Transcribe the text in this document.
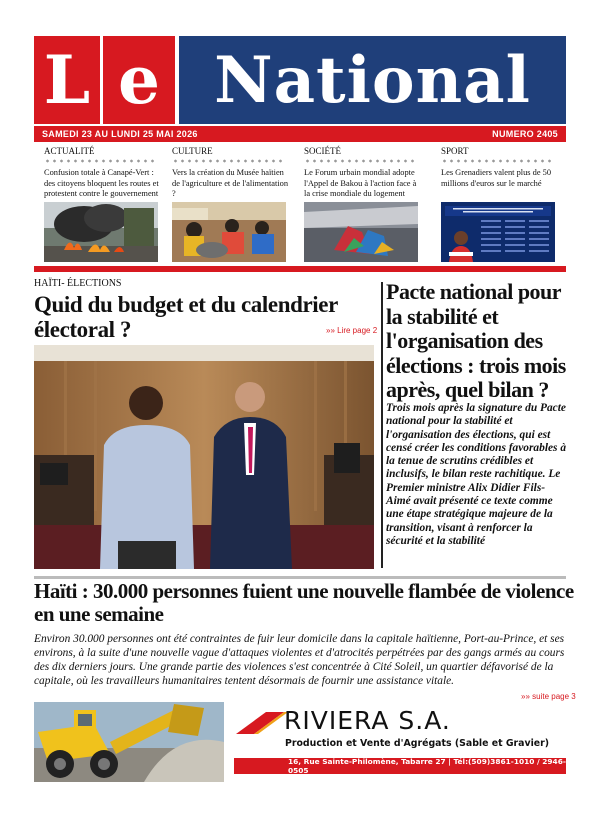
L e National
SAMEDI 23 AU LUNDI 25 MAI 2026	NUMERO 2405
ACTUALITÉ
Confusion totale à Canapé-Vert : des citoyens bloquent les routes et protestent contre le gouvernement
CULTURE
Vers la création du Musée haïtien de l'agriculture et de l'alimentation ?
SOCIÉTÉ
Le Forum urbain mondial adopte l'Appel de Bakou à l'action face à la crise mondiale du logement
SPORT
Les Grenadiers valent plus de 50 millions d'euros sur le marché
HAÏTI- ÉLECTIONS
Quid du budget et du calendrier électoral ?	»» Lire page 2
Pacte national pour la stabilité et l'organisation des élections : trois mois après, quel bilan ?
Trois mois après la signature du Pacte national pour la stabilité et l'organisation des élections, qui est censé créer les conditions favorables à la tenue de scrutins crédibles et inclusifs, le bilan reste rachitique. Le Premier ministre Alix Didier Fils-Aimé avait présenté ce texte comme une étape stratégique majeure de la transition, visant à renforcer la sécurité et la stabilité
Haïti : 30.000 personnes fuient une nouvelle flambée de violence en une semaine
Environ 30.000 personnes ont été contraintes de fuir leur domicile dans la capitale haïtienne, Port-au-Prince, et ses environs, à la suite d'une nouvelle vague d'attaques violentes et d'atrocités perpétrées par des gangs armés au cours des dix derniers jours. Une grande partie des violences s'est concentrée à Cité Soleil, un quartier défavorisé de la capitale, où les travailleurs humanitaires tentent désormais de fournir une assistance vitale.
»» suite page 3
RIVIERA S.A.
Production et Vente d'Agrégats (Sable et Gravier)
16, Rue Sainte-Philomène, Tabarre 27 | Tél:(509)3861-1010 / 2946-0505
